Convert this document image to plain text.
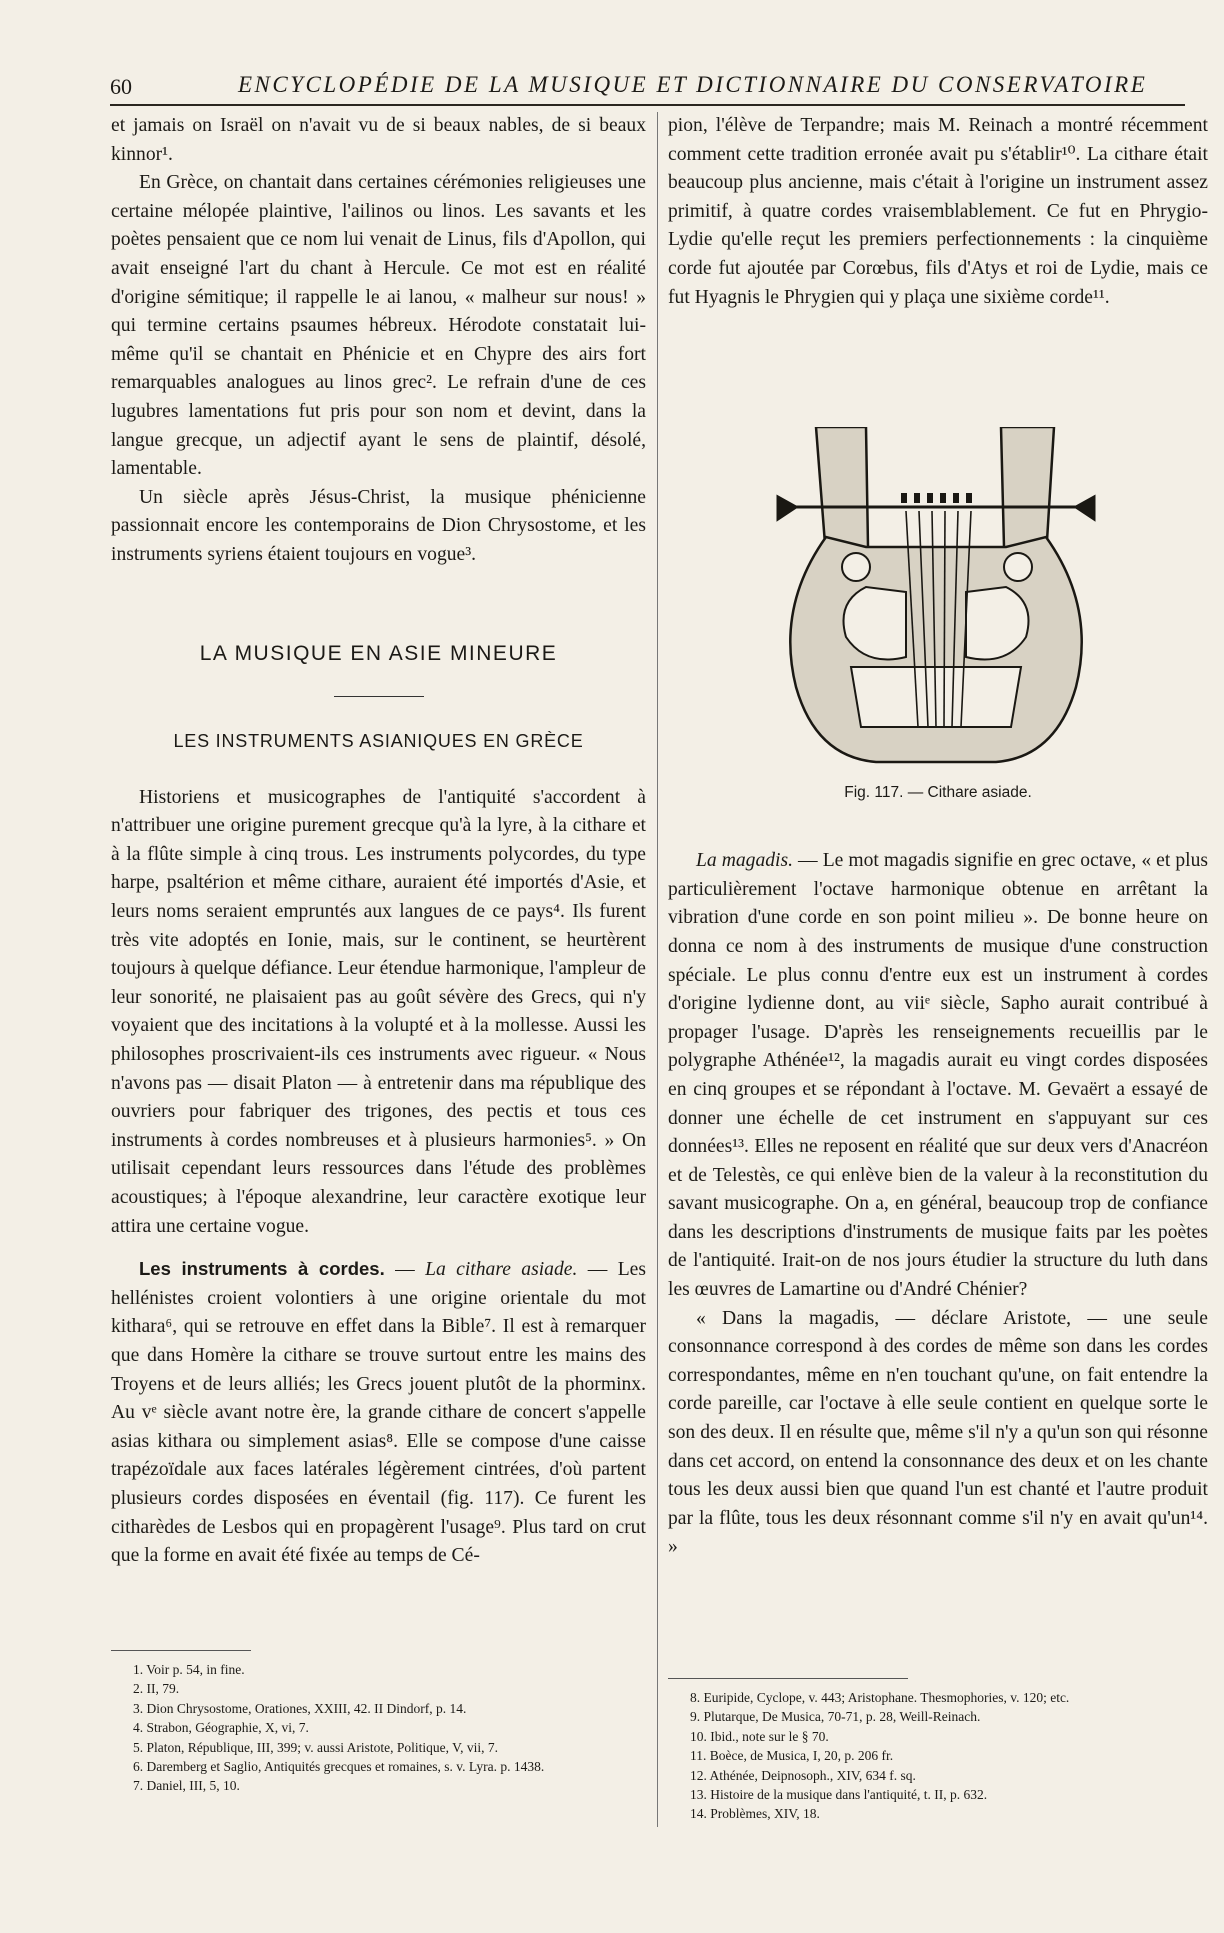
60	ENCYCLOPÉDIE DE LA MUSIQUE ET DICTIONNAIRE DU CONSERVATOIRE

et jamais on Israël on n'avait vu de si beaux nables, de si beaux kinnor¹.

En Grèce, on chantait dans certaines cérémonies religieuses une certaine mélopée plaintive, l'ailinos ou linos. Les savants et les poètes pensaient que ce nom lui venait de Linus, fils d'Apollon, qui avait enseigné l'art du chant à Hercule. Ce mot est en réalité d'origine sémitique; il rappelle le ai lanou, « malheur sur nous! » qui termine certains psaumes hébreux. Hérodote constatait lui-même qu'il se chantait en Phénicie et en Chypre des airs fort remarquables analogues au linos grec². Le refrain d'une de ces lugubres lamentations fut pris pour son nom et devint, dans la langue grecque, un adjectif ayant le sens de plaintif, désolé, lamentable.

Un siècle après Jésus-Christ, la musique phénicienne passionnait encore les contemporains de Dion Chrysostome, et les instruments syriens étaient toujours en vogue³.

LA MUSIQUE EN ASIE MINEURE
LES INSTRUMENTS ASIANIQUES EN GRÈCE

Historiens et musicographes de l'antiquité s'accordent à n'attribuer une origine purement grecque qu'à la lyre, à la cithare et à la flûte simple à cinq trous. Les instruments polycordes, du type harpe, psaltérion et même cithare, auraient été importés d'Asie, et leurs noms seraient empruntés aux langues de ce pays⁴. Ils furent très vite adoptés en Ionie, mais, sur le continent, se heurtèrent toujours à quelque défiance. Leur étendue harmonique, l'ampleur de leur sonorité, ne plaisaient pas au goût sévère des Grecs, qui n'y voyaient que des incitations à la volupté et à la mollesse. Aussi les philosophes proscrivaient-ils ces instruments avec rigueur. « Nous n'avons pas — disait Platon — à entretenir dans ma république des ouvriers pour fabriquer des trigones, des pectis et tous ces instruments à cordes nombreuses et à plusieurs harmonies⁵. » On utilisait cependant leurs ressources dans l'étude des problèmes acoustiques; à l'époque alexandrine, leur caractère exotique leur attira une certaine vogue.

Les instruments à cordes. — La cithare asiade. — Les hellénistes croient volontiers à une origine orientale du mot kithara⁶, qui se retrouve en effet dans la Bible⁷. Il est à remarquer que dans Homère la cithare se trouve surtout entre les mains des Troyens et de leurs alliés; les Grecs jouent plutôt de la phorminx. Au vᵉ siècle avant notre ère, la grande cithare de concert s'appelle asias kithara ou simplement asias⁸. Elle se compose d'une caisse trapézoïdale aux faces latérales légèrement cintrées, d'où partent plusieurs cordes disposées en éventail (fig. 117). Ce furent les citharèdes de Lesbos qui en propagèrent l'usage⁹. Plus tard on crut que la forme en avait été fixée au temps de Cé-

pion, l'élève de Terpandre; mais M. Reinach a montré récemment comment cette tradition erronée avait pu s'établir¹⁰. La cithare était beaucoup plus ancienne, mais c'était à l'origine un instrument assez primitif, à quatre cordes vraisemblablement. Ce fut en Phrygio-Lydie qu'elle reçut les premiers perfectionnements : la cinquième corde fut ajoutée par Corœbus, fils d'Atys et roi de Lydie, mais ce fut Hyagnis le Phrygien qui y plaça une sixième corde¹¹.

Fig. 117. — Cithare asiade.

La magadis. — Le mot magadis signifie en grec octave, « et plus particulièrement l'octave harmonique obtenue en arrêtant la vibration d'une corde en son point milieu ». De bonne heure on donna ce nom à des instruments de musique d'une construction spéciale. Le plus connu d'entre eux est un instrument à cordes d'origine lydienne dont, au viiᵉ siècle, Sapho aurait contribué à propager l'usage. D'après les renseignements recueillis par le polygraphe Athénée¹², la magadis aurait eu vingt cordes disposées en cinq groupes et se répondant à l'octave. M. Gevaërt a essayé de donner une échelle de cet instrument en s'appuyant sur ces données¹³. Elles ne reposent en réalité que sur deux vers d'Anacréon et de Telestès, ce qui enlève bien de la valeur à la reconstitution du savant musicographe. On a, en général, beaucoup trop de confiance dans les descriptions d'instruments de musique faits par les poètes de l'antiquité. Irait-on de nos jours étudier la structure du luth dans les œuvres de Lamartine ou d'André Chénier?

« Dans la magadis, — déclare Aristote, — une seule consonnance correspond à des cordes de même son dans les cordes correspondantes, même en n'en touchant qu'une, on fait entendre la corde pareille, car l'octave à elle seule contient en quelque sorte le son des deux. Il en résulte que, même s'il n'y a qu'un son qui résonne dans cet accord, on entend la consonnance des deux et on les chante tous les deux aussi bien que quand l'un est chanté et l'autre produit par la flûte, tous les deux résonnant comme s'il n'y en avait qu'un¹⁴. »

1. Voir p. 54, in fine.

2. II, 79.

3. Dion Chrysostome, Orationes, XXIII, 42. II Dindorf, p. 14.

4. Strabon, Géographie, X, vi, 7.

5. Platon, République, III, 399; v. aussi Aristote, Politique, V, vii, 7.

6. Daremberg et Saglio, Antiquités grecques et romaines, s. v. Lyra. p. 1438.

7. Daniel, III, 5, 10.

8. Euripide, Cyclope, v. 443; Aristophane. Thesmophories, v. 120; etc.

9. Plutarque, De Musica, 70-71, p. 28, Weill-Reinach.

10. Ibid., note sur le § 70.

11. Boèce, de Musica, I, 20, p. 206 fr.

12. Athénée, Deipnosoph., XIV, 634 f. sq.

13. Histoire de la musique dans l'antiquité, t. II, p. 632.

14. Problèmes, XIV, 18.
